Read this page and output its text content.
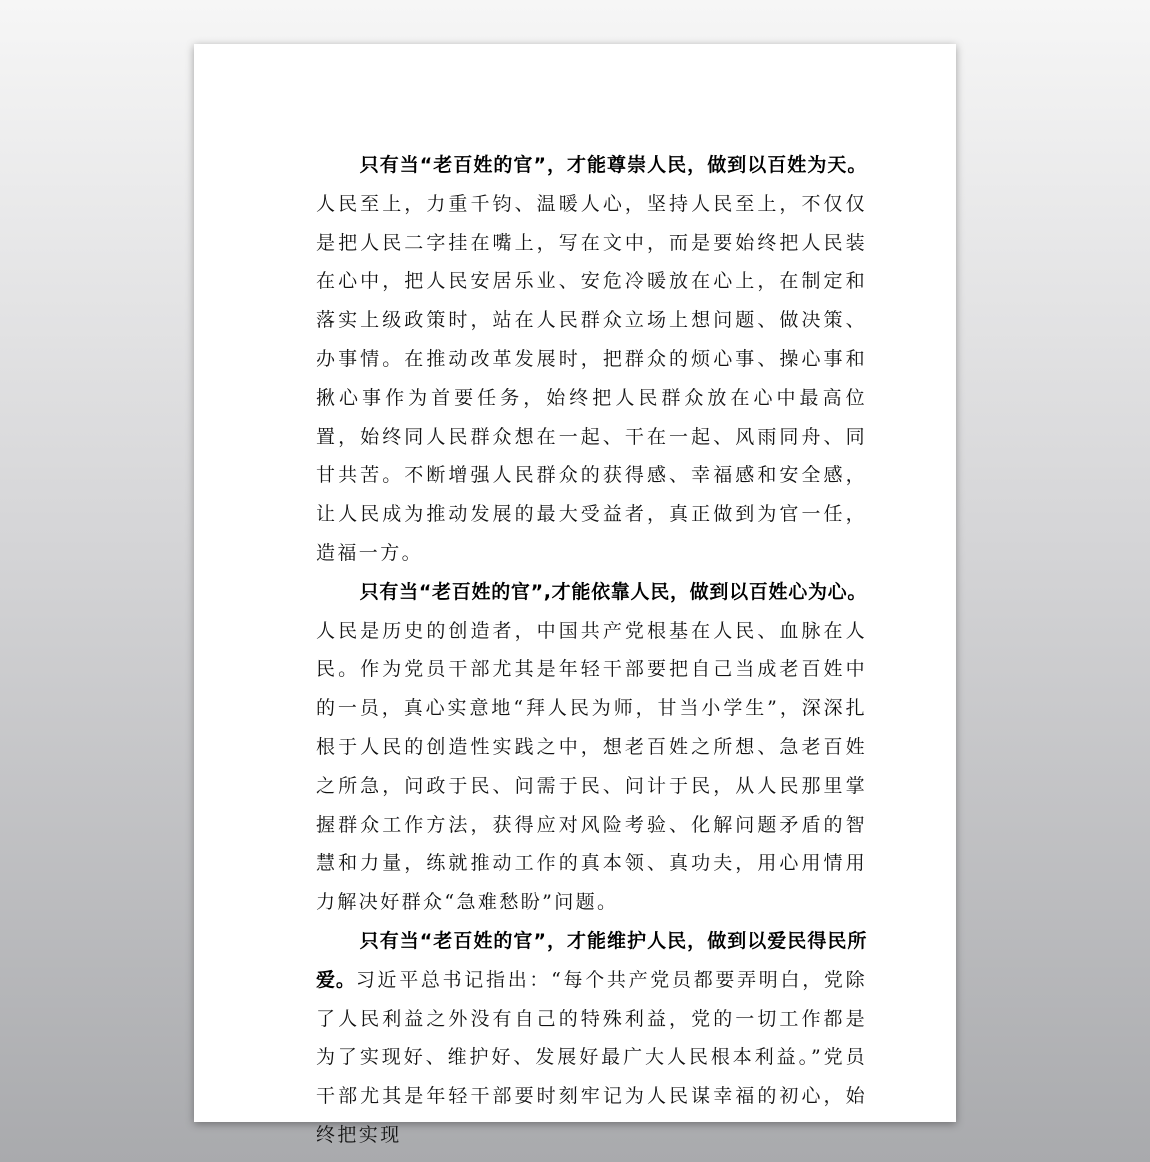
只有当“老百姓的官”，才能尊崇人民，做到以百姓为天。人民至上，力重千钧、温暖人心，坚持人民至上，不仅仅是把人民二字挂在嘴上，写在文中，而是要始终把人民装在心中，把人民安居乐业、安危冷暖放在心上，在制定和落实上级政策时，站在人民群众立场上想问题、做决策、办事情。在推动改革发展时，把群众的烦心事、操心事和揪心事作为首要任务，始终把人民群众放在心中最高位置，始终同人民群众想在一起、干在一起、风雨同舟、同甘共苦。不断增强人民群众的获得感、幸福感和安全感，让人民成为推动发展的最大受益者，真正做到为官一任，造福一方。

只有当“老百姓的官”,才能依靠人民，做到以百姓心为心。人民是历史的创造者，中国共产党根基在人民、血脉在人民。作为党员干部尤其是年轻干部要把自己当成老百姓中的一员，真心实意地“拜人民为师，甘当小学生”，深深扎根于人民的创造性实践之中，想老百姓之所想、急老百姓之所急，问政于民、问需于民、问计于民，从人民那里掌握群众工作方法，获得应对风险考验、化解问题矛盾的智慧和力量，练就推动工作的真本领、真功夫，用心用情用力解决好群众“急难愁盼”问题。

只有当“老百姓的官”，才能维护人民，做到以爱民得民所爱。习近平总书记指出：“每个共产党员都要弄明白，党除了人民利益之外没有自己的特殊利益，党的一切工作都是为了实现好、维护好、发展好最广大人民根本利益。”党员干部尤其是年轻干部要时刻牢记为人民谋幸福的初心，始终把实现
